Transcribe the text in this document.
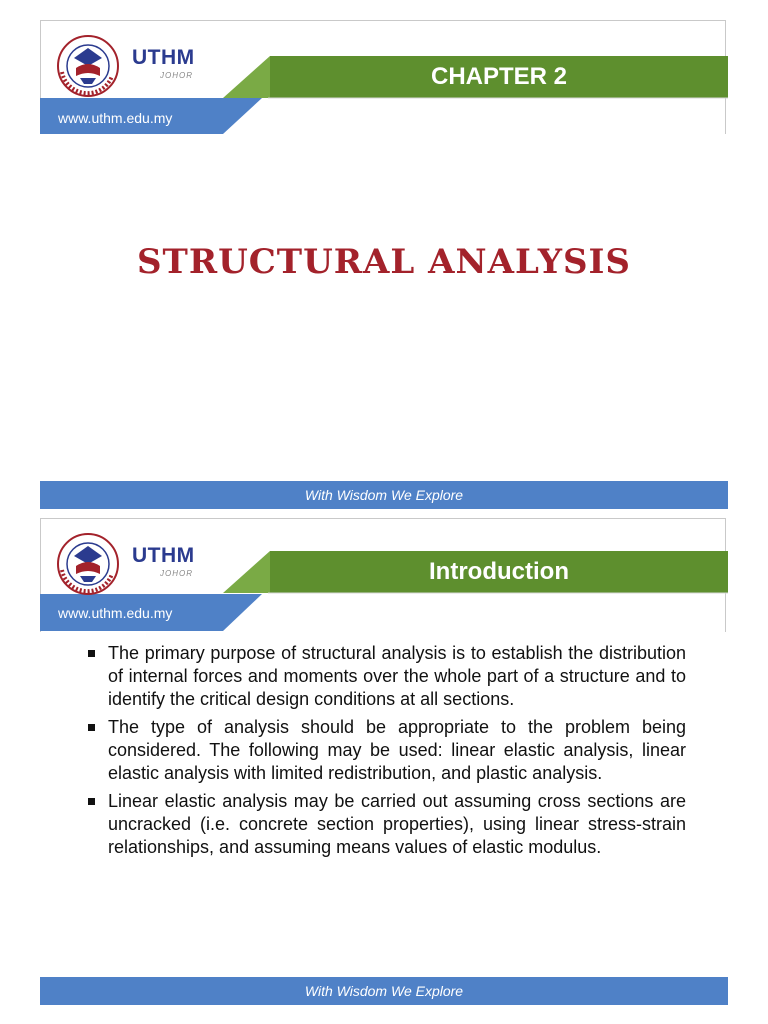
UTHM
JOHOR	CHAPTER 2
www.uthm.edu.my
STRUCTURAL ANALYSIS
With Wisdom We Explore
UTHM
JOHOR	Introduction
www.uthm.edu.my
The primary purpose of structural analysis is to establish the distribution of internal forces and moments over the whole part of a structure and to identify the critical design conditions at all sections.
The type of analysis should be appropriate to the problem being considered. The following may be used: linear elastic analysis, linear elastic analysis with limited redistribution, and plastic analysis.
Linear elastic analysis may be carried out assuming cross sections are uncracked (i.e. concrete section properties), using linear stress-strain relationships, and assuming means values of elastic modulus.
With Wisdom We Explore
